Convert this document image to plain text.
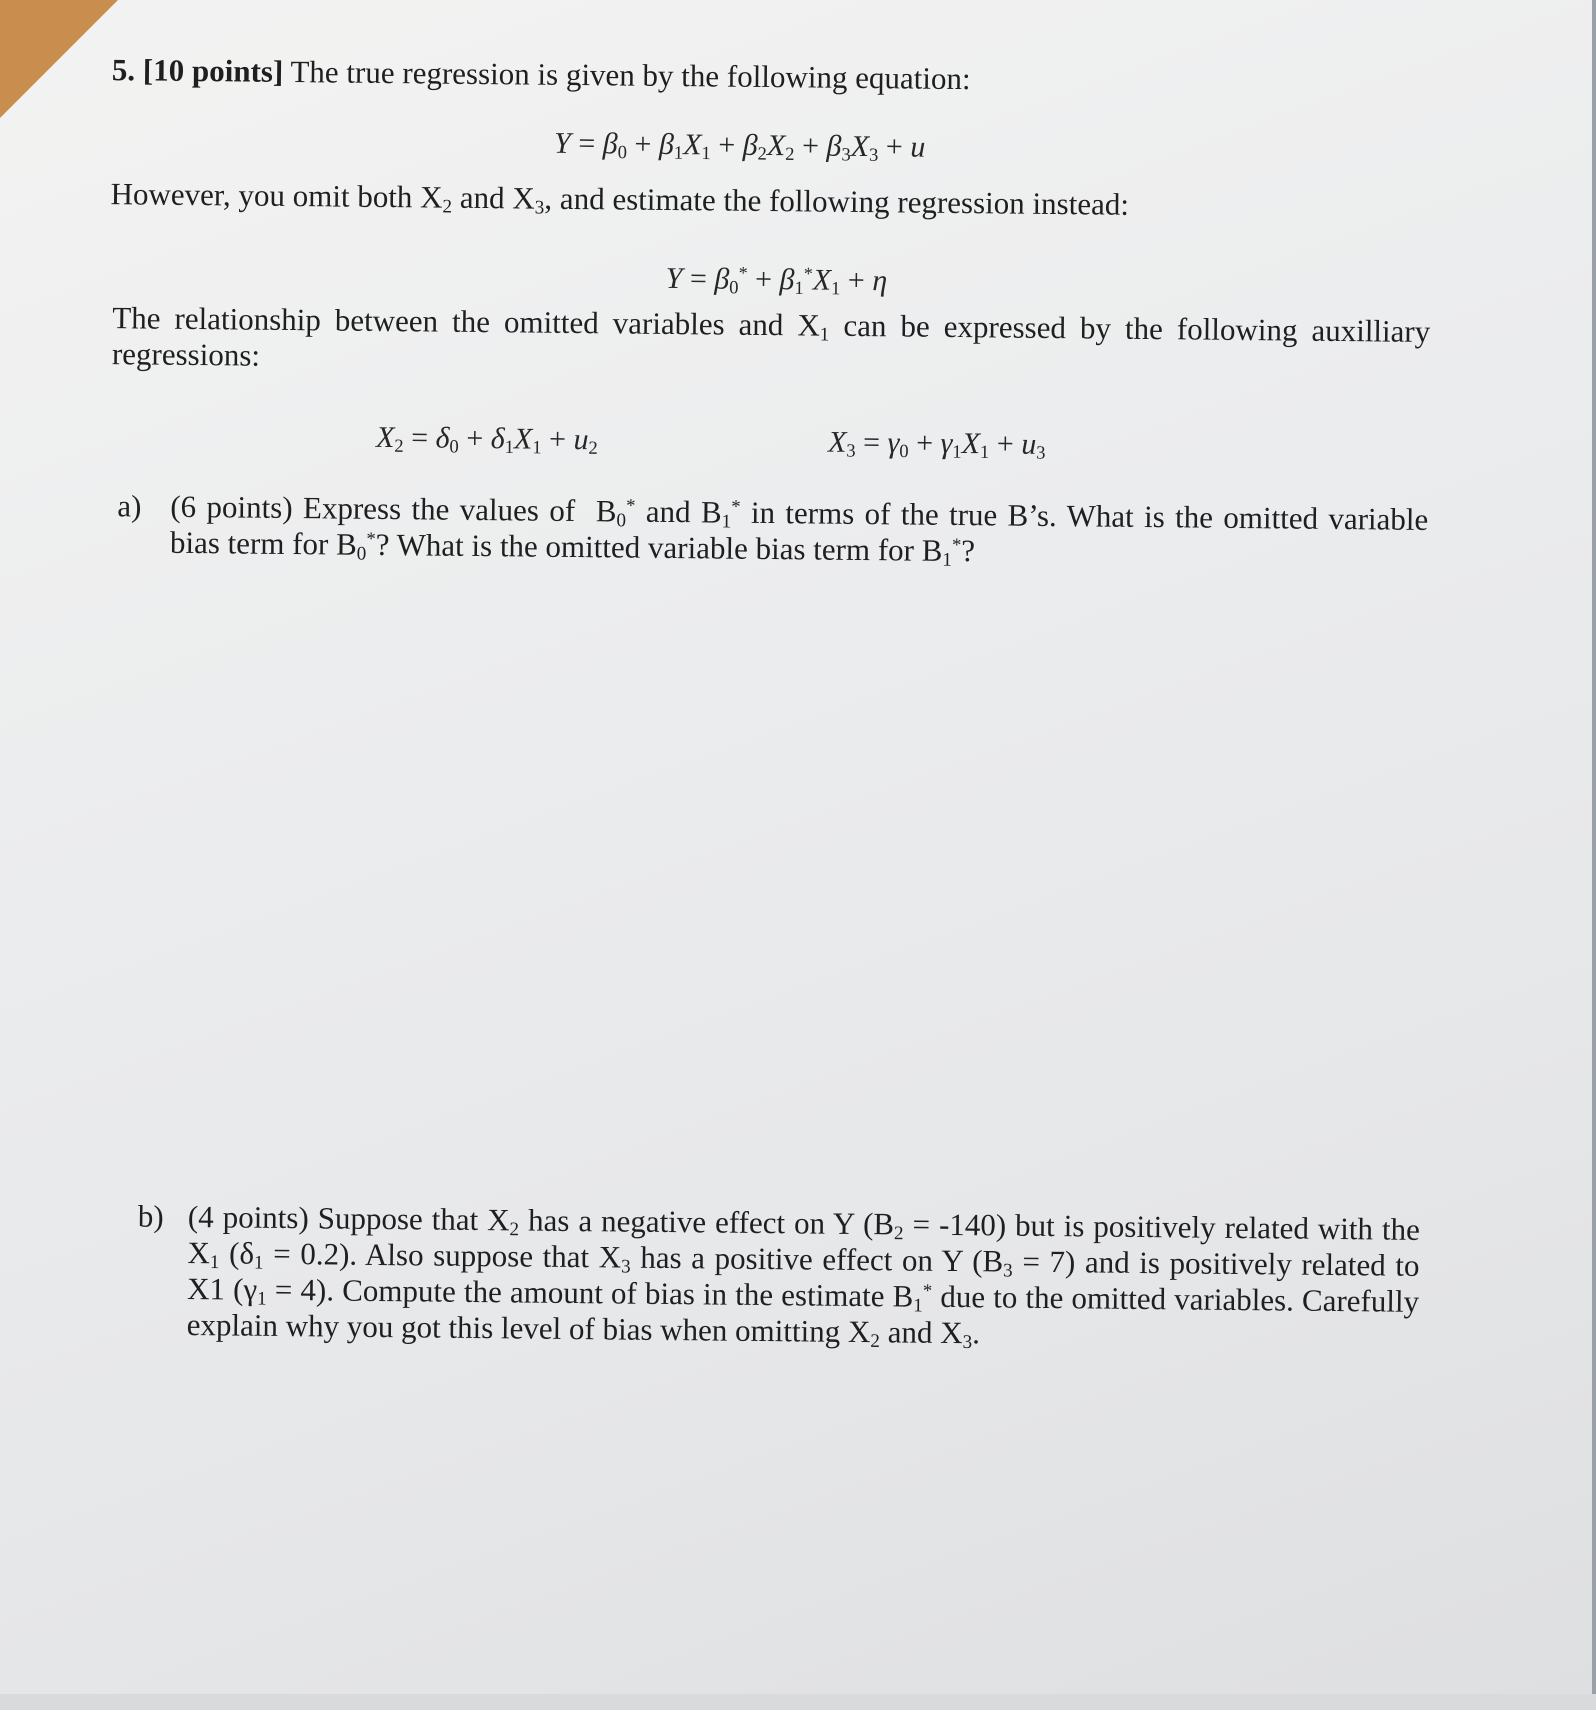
5. [10 points] The true regression is given by the following equation:
$Y = \beta_0 + \beta_1X_1 + \beta_2X_2 + \beta_3X_3 + u$
However, you omit both $X_2$ and $X_3$, and estimate the following regression instead:
$Y = \beta_0^* + \beta_1^*X_1 + \eta$
The relationship between the omitted variables and $X_1$ can be expressed by the following auxilliary regressions:
$X_2 = \delta_0 + \delta_1X_1 + u_2$	$X_3 = \gamma_0 + \gamma_1X_1 + u_3$
a) (6 points) Express the values of  $B_0^*$ and $B_1^*$ in terms of the true B’s. What is the omitted variable bias term for $B_0^*$? What is the omitted variable bias term for $B_1^*$?
b) (4 points) Suppose that $X_2$ has a negative effect on Y $(B_2 = -140)$ but is positively related with the $X_1$ $(\delta_1 = 0.2)$. Also suppose that $X_3$ has a positive effect on Y $(B_3 = 7)$ and is positively related to X1 $(\gamma_1 = 4)$. Compute the amount of bias in the estimate $B_1^*$ due to the omitted variables. Carefully explain why you got this level of bias when omitting $X_2$ and $X_3$.
